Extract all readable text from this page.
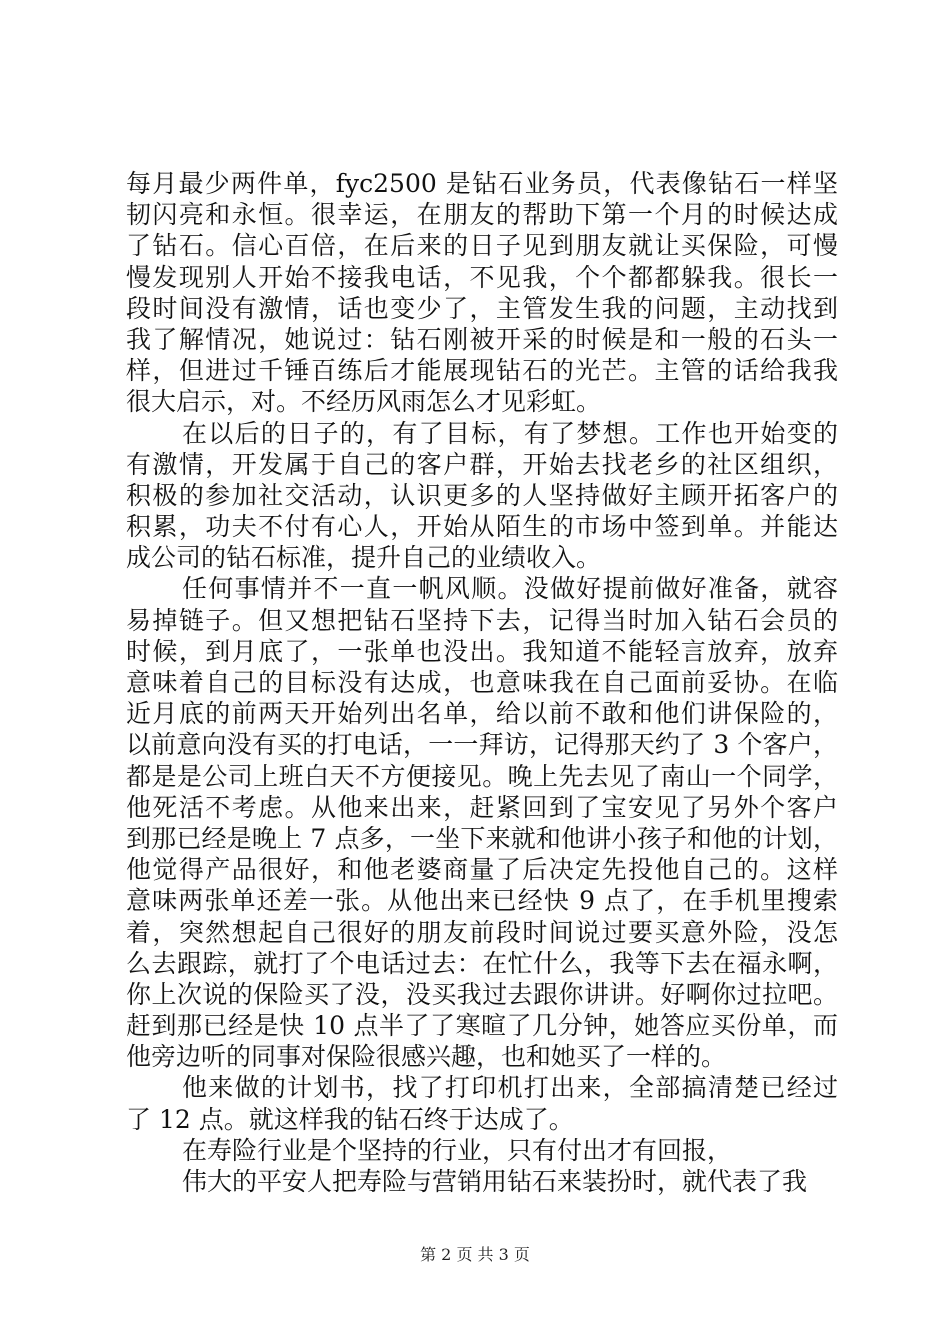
每月最少两件单，fyc2500 是钻石业务员，代表像钻石一样坚
韧闪亮和永恒。很幸运，在朋友的帮助下第一个月的时候达成
了钻石。信心百倍，在后来的日子见到朋友就让买保险，可慢
慢发现别人开始不接我电话，不见我，个个都都躲我。很长一
段时间没有激情，话也变少了，主管发生我的问题，主动找到
我了解情况，她说过：钻石刚被开采的时候是和一般的石头一
样，但进过千锤百练后才能展现钻石的光芒。主管的话给我我
很大启示，对。不经历风雨怎么才见彩虹。
在以后的日子的，有了目标，有了梦想。工作也开始变的
有激情，开发属于自己的客户群，开始去找老乡的社区组织，
积极的参加社交活动，认识更多的人坚持做好主顾开拓客户的
积累，功夫不付有心人，开始从陌生的市场中签到单。并能达
成公司的钻石标准，提升自己的业绩收入。
任何事情并不一直一帆风顺。没做好提前做好准备，就容
易掉链子。但又想把钻石坚持下去，记得当时加入钻石会员的
时候，到月底了，一张单也没出。我知道不能轻言放弃，放弃
意味着自己的目标没有达成，也意味我在自己面前妥协。在临
近月底的前两天开始列出名单，给以前不敢和他们讲保险的，
以前意向没有买的打电话，一一拜访，记得那天约了 3 个客户，
都是是公司上班白天不方便接见。晚上先去见了南山一个同学，
他死活不考虑。从他来出来，赶紧回到了宝安见了另外个客户
到那已经是晚上 7 点多，一坐下来就和他讲小孩子和他的计划，
他觉得产品很好，和他老婆商量了后决定先投他自己的。这样
意味两张单还差一张。从他出来已经快 9 点了，在手机里搜索
着，突然想起自己很好的朋友前段时间说过要买意外险，没怎
么去跟踪，就打了个电话过去：在忙什么，我等下去在福永啊，
你上次说的保险买了没，没买我过去跟你讲讲。好啊你过拉吧。
赶到那已经是快 10 点半了了寒暄了几分钟，她答应买份单，而
他旁边听的同事对保险很感兴趣，也和她买了一样的。
他来做的计划书，找了打印机打出来，全部搞清楚已经过
了 12 点。就这样我的钻石终于达成了。
在寿险行业是个坚持的行业，只有付出才有回报，
伟大的平安人把寿险与营销用钻石来装扮时，就代表了我
第 2 页 共 3 页
